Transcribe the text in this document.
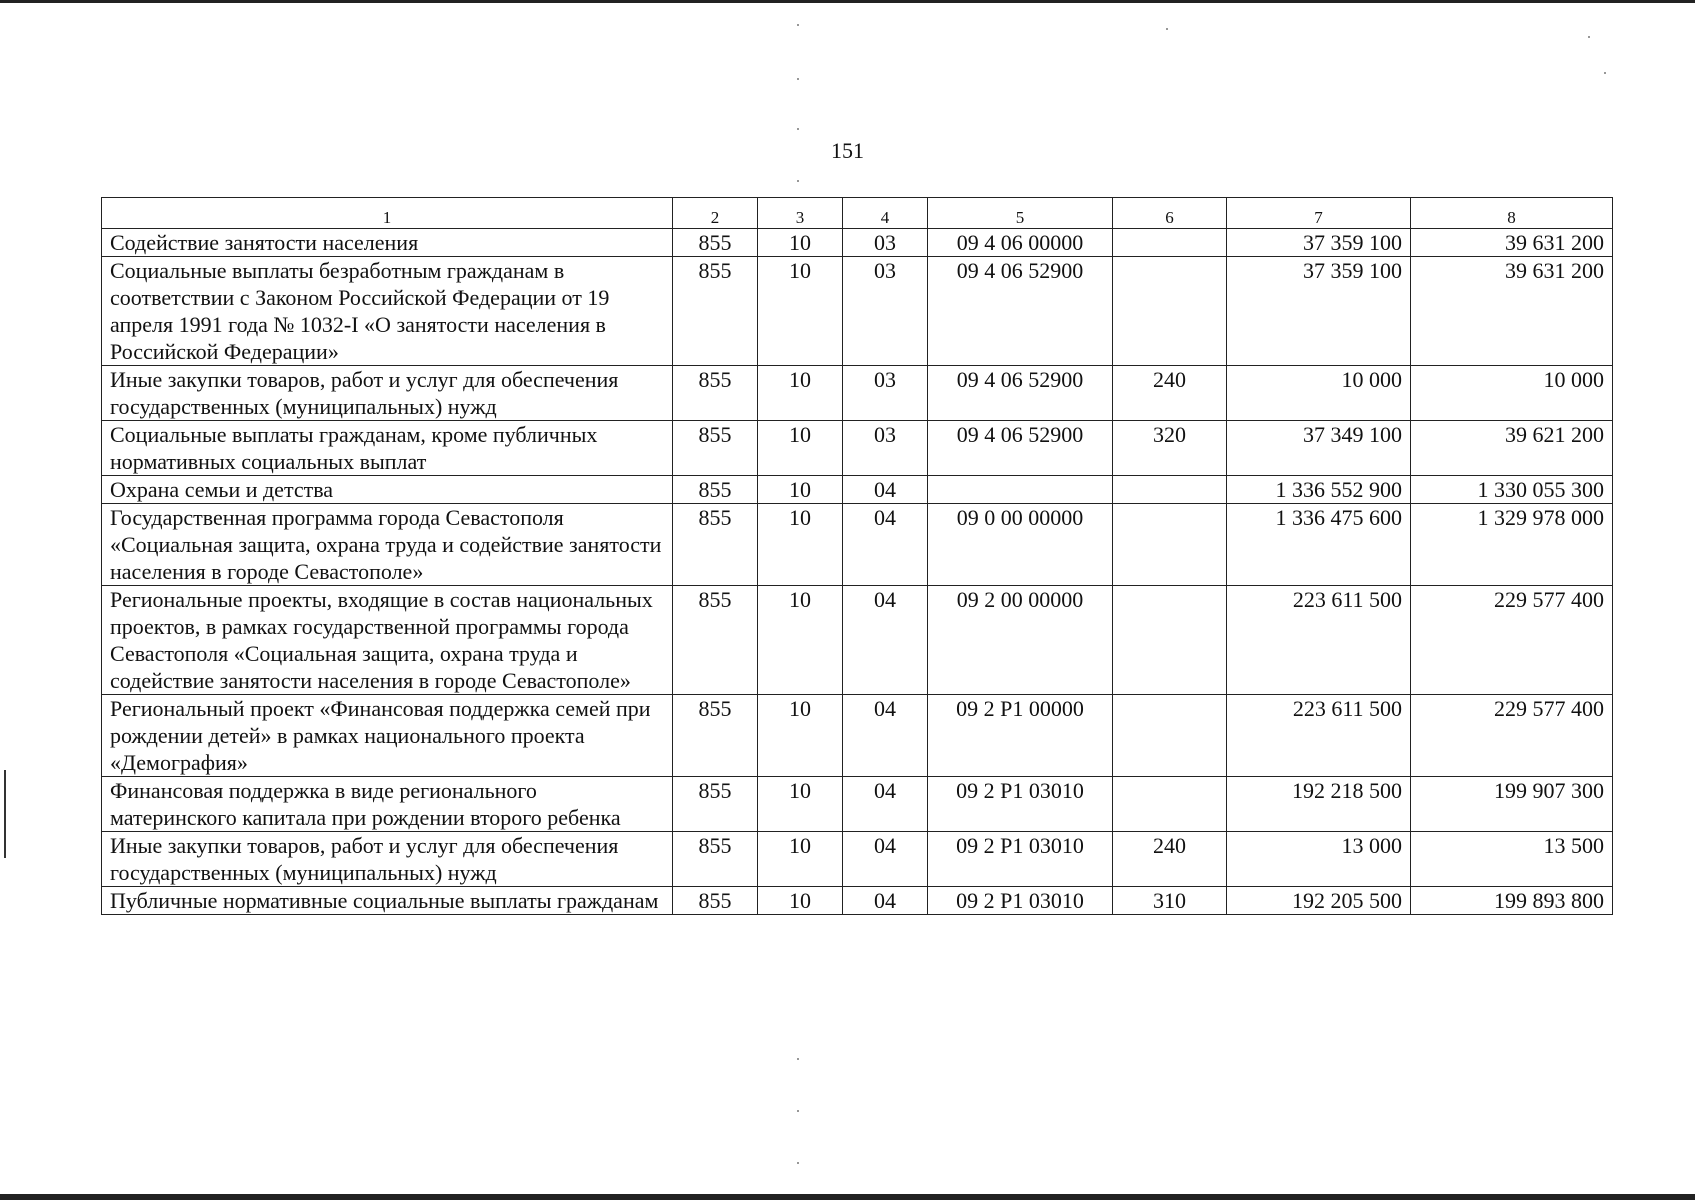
151
1	2	3	4	5	6	7	8
Содействие занятости населения	855	10	03	09 4 06 00000		37 359 100	39 631 200
Социальные выплаты безработным гражданам в соответствии с Законом Российской Федерации от 19 апреля 1991 года № 1032-I «О занятости населения в Российской Федерации»	855	10	03	09 4 06 52900		37 359 100	39 631 200
Иные закупки товаров, работ и услуг для обеспечения государственных (муниципальных) нужд	855	10	03	09 4 06 52900	240	10 000	10 000
Социальные выплаты гражданам, кроме публичных нормативных социальных выплат	855	10	03	09 4 06 52900	320	37 349 100	39 621 200
Охрана семьи и детства	855	10	04			1 336 552 900	1 330 055 300
Государственная программа города Севастополя «Социальная защита, охрана труда и содействие занятости населения в городе Севастополе»	855	10	04	09 0 00 00000		1 336 475 600	1 329 978 000
Региональные проекты, входящие в состав национальных проектов, в рамках государственной программы города Севастополя «Социальная защита, охрана труда и содействие занятости населения в городе Севастополе»	855	10	04	09 2 00 00000		223 611 500	229 577 400
Региональный проект «Финансовая поддержка семей при рождении детей» в рамках национального проекта «Демография»	855	10	04	09 2 P1 00000		223 611 500	229 577 400
Финансовая поддержка в виде регионального материнского капитала при рождении второго ребенка	855	10	04	09 2 P1 03010		192 218 500	199 907 300
Иные закупки товаров, работ и услуг для обеспечения государственных (муниципальных) нужд	855	10	04	09 2 P1 03010	240	13 000	13 500
Публичные нормативные социальные выплаты гражданам	855	10	04	09 2 P1 03010	310	192 205 500	199 893 800
